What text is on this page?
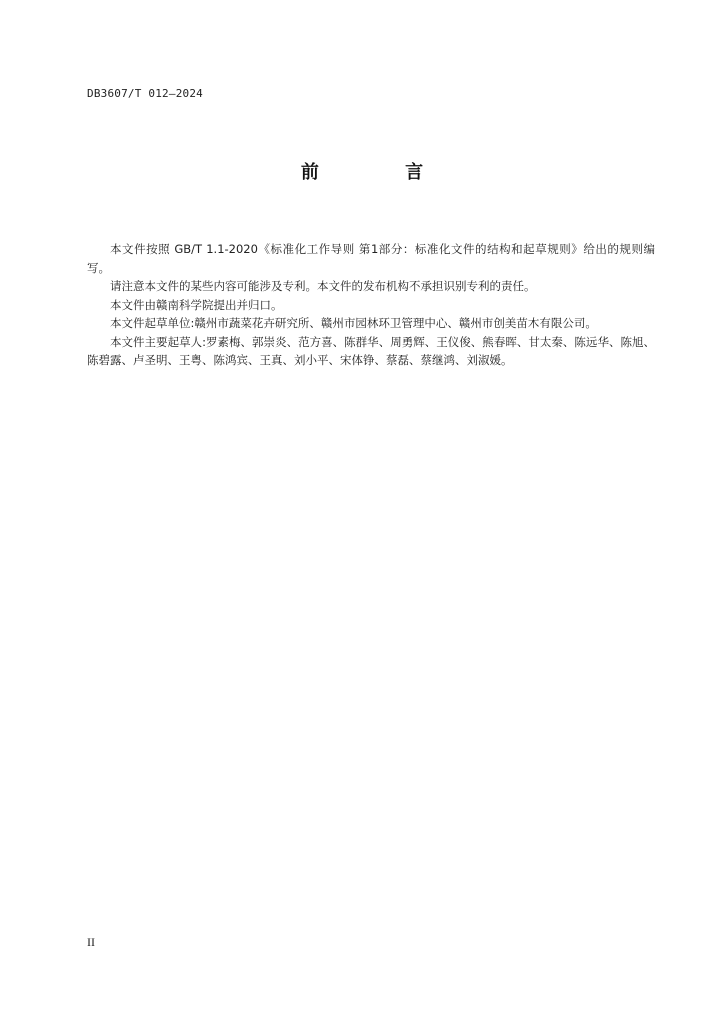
DB3607/T 012—2024
前 言

本文件按照 GB/T 1.1-2020《标准化工作导则 第1部分：标准化文件的结构和起草规则》给出的规则编写。

请注意本文件的某些内容可能涉及专利。本文件的发布机构不承担识别专利的责任。

本文件由赣南科学院提出并归口。

本文件起草单位:赣州市蔬菜花卉研究所、赣州市园林环卫管理中心、赣州市创美苗木有限公司。

本文件主要起草人:罗素梅、郭崇炎、范方喜、陈群华、周勇辉、王仪俊、熊春晖、甘太秦、陈远华、陈旭、陈碧露、卢圣明、王粤、陈鸿宾、王真、刘小平、宋体铮、蔡磊、蔡继鸿、刘淑媛。

II
